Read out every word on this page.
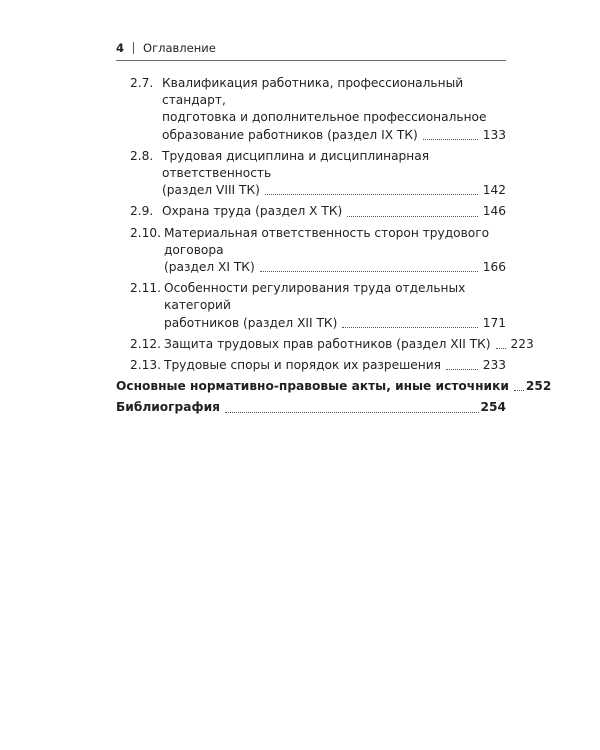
4 Оглавление
2.7. Квалификация работника, профессиональный стандарт,
подготовка и дополнительное профессиональное
образование работников (раздел IX ТК)	133
2.8. Трудовая дисциплина и дисциплинарная ответственность
(раздел VIII ТК)	142
2.9. Охрана труда (раздел X ТК)	146
2.10. Материальная ответственность сторон трудового договора
(раздел XI ТК)	166
2.11. Особенности регулирования труда отдельных категорий
работников (раздел XII ТК)	171
2.12. Защита трудовых прав работников (раздел XII ТК) 223
2.13. Трудовые споры и порядок их разрешения	233
Основные нормативно-правовые акты, иные источники 252
Библиография	254
